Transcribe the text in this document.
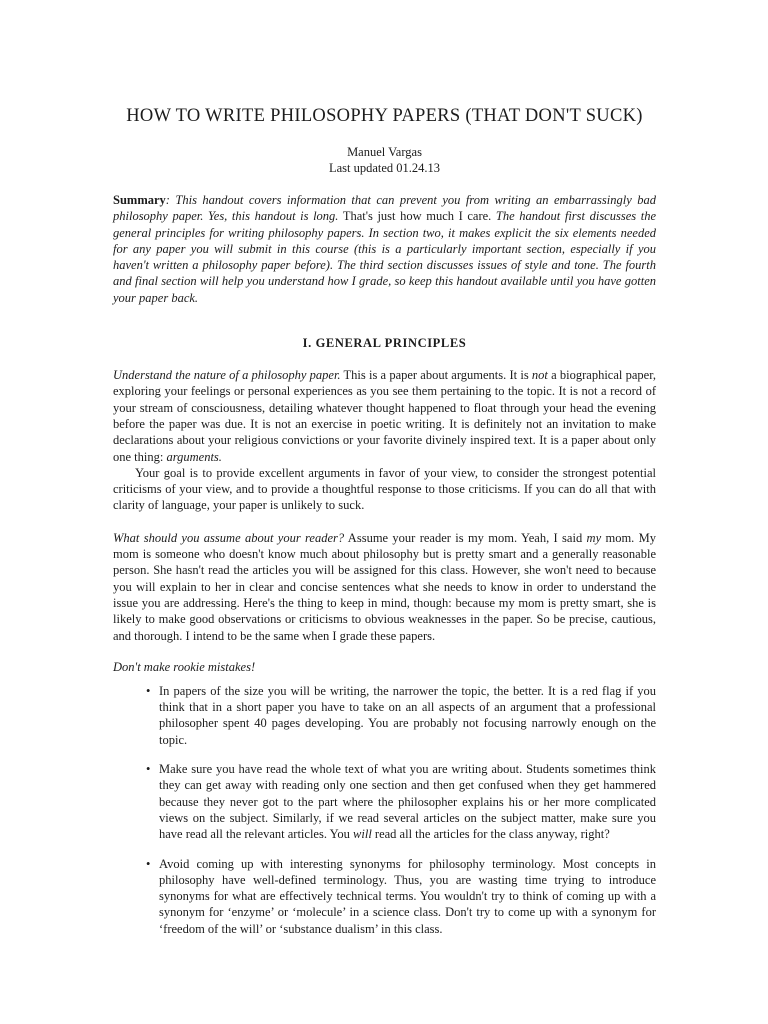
HOW TO WRITE PHILOSOPHY PAPERS (THAT DON'T SUCK)
Manuel Vargas
Last updated 01.24.13

Summary: This handout covers information that can prevent you from writing an embarrassingly bad philosophy paper. Yes, this handout is long. That's just how much I care. The handout first discusses the general principles for writing philosophy papers. In section two, it makes explicit the six elements needed for any paper you will submit in this course (this is a particularly important section, especially if you haven't written a philosophy paper before). The third section discusses issues of style and tone. The fourth and final section will help you understand how I grade, so keep this handout available until you have gotten your paper back.

I. GENERAL PRINCIPLES

Understand the nature of a philosophy paper. This is a paper about arguments. It is not a biographical paper, exploring your feelings or personal experiences as you see them pertaining to the topic. It is not a record of your stream of consciousness, detailing whatever thought happened to float through your head the evening before the paper was due. It is not an exercise in poetic writing. It is definitely not an invitation to make declarations about your religious convictions or your favorite divinely inspired text. It is a paper about only one thing: arguments.

Your goal is to provide excellent arguments in favor of your view, to consider the strongest potential criticisms of your view, and to provide a thoughtful response to those criticisms. If you can do all that with clarity of language, your paper is unlikely to suck.

What should you assume about your reader? Assume your reader is my mom. Yeah, I said my mom. My mom is someone who doesn't know much about philosophy but is pretty smart and a generally reasonable person. She hasn't read the articles you will be assigned for this class. However, she won't need to because you will explain to her in clear and concise sentences what she needs to know in order to understand the issue you are addressing. Here's the thing to keep in mind, though: because my mom is pretty smart, she is likely to make good observations or criticisms to obvious weaknesses in the paper. So be precise, cautious, and thorough. I intend to be the same when I grade these papers.

Don't make rookie mistakes!
• In papers of the size you will be writing, the narrower the topic, the better. It is a red flag if you think that in a short paper you have to take on an all aspects of an argument that a professional philosopher spent 40 pages developing. You are probably not focusing narrowly enough on the topic.
• Make sure you have read the whole text of what you are writing about. Students sometimes think they can get away with reading only one section and then get confused when they get hammered because they never got to the part where the philosopher explains his or her more complicated views on the subject. Similarly, if we read several articles on the subject matter, make sure you have read all the relevant articles. You will read all the articles for the class anyway, right?
• Avoid coming up with interesting synonyms for philosophy terminology. Most concepts in philosophy have well-defined terminology. Thus, you are wasting time trying to introduce synonyms for what are effectively technical terms. You wouldn't try to think of coming up with a synonym for ‘enzyme’ or ‘molecule’ in a science class. Don't try to come up with a synonym for ‘freedom of the will’ or ‘substance dualism’ in this class.
